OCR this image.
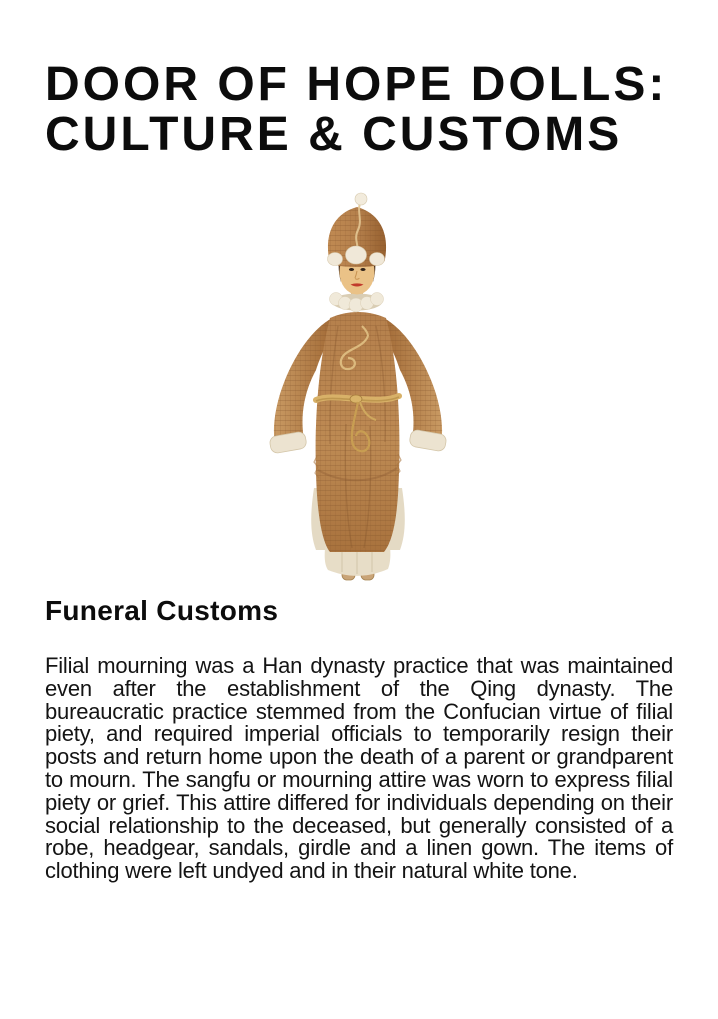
DOOR OF HOPE DOLLS:
CULTURE & CUSTOMS
Funeral Customs

Filial mourning was a Han dynasty practice that was maintained even after the establishment of the Qing dynasty. The bureaucratic practice stemmed from the Confucian virtue of filial piety, and required imperial officials to temporarily resign their posts and return home upon the death of a parent or grandparent to mourn. The sangfu or mourning attire was worn to express filial piety or grief. This attire differed for individuals depending on their social relationship to the deceased, but generally consisted of a robe, headgear, sandals, girdle and a linen gown. The items of clothing were left undyed and in their natural white tone.
